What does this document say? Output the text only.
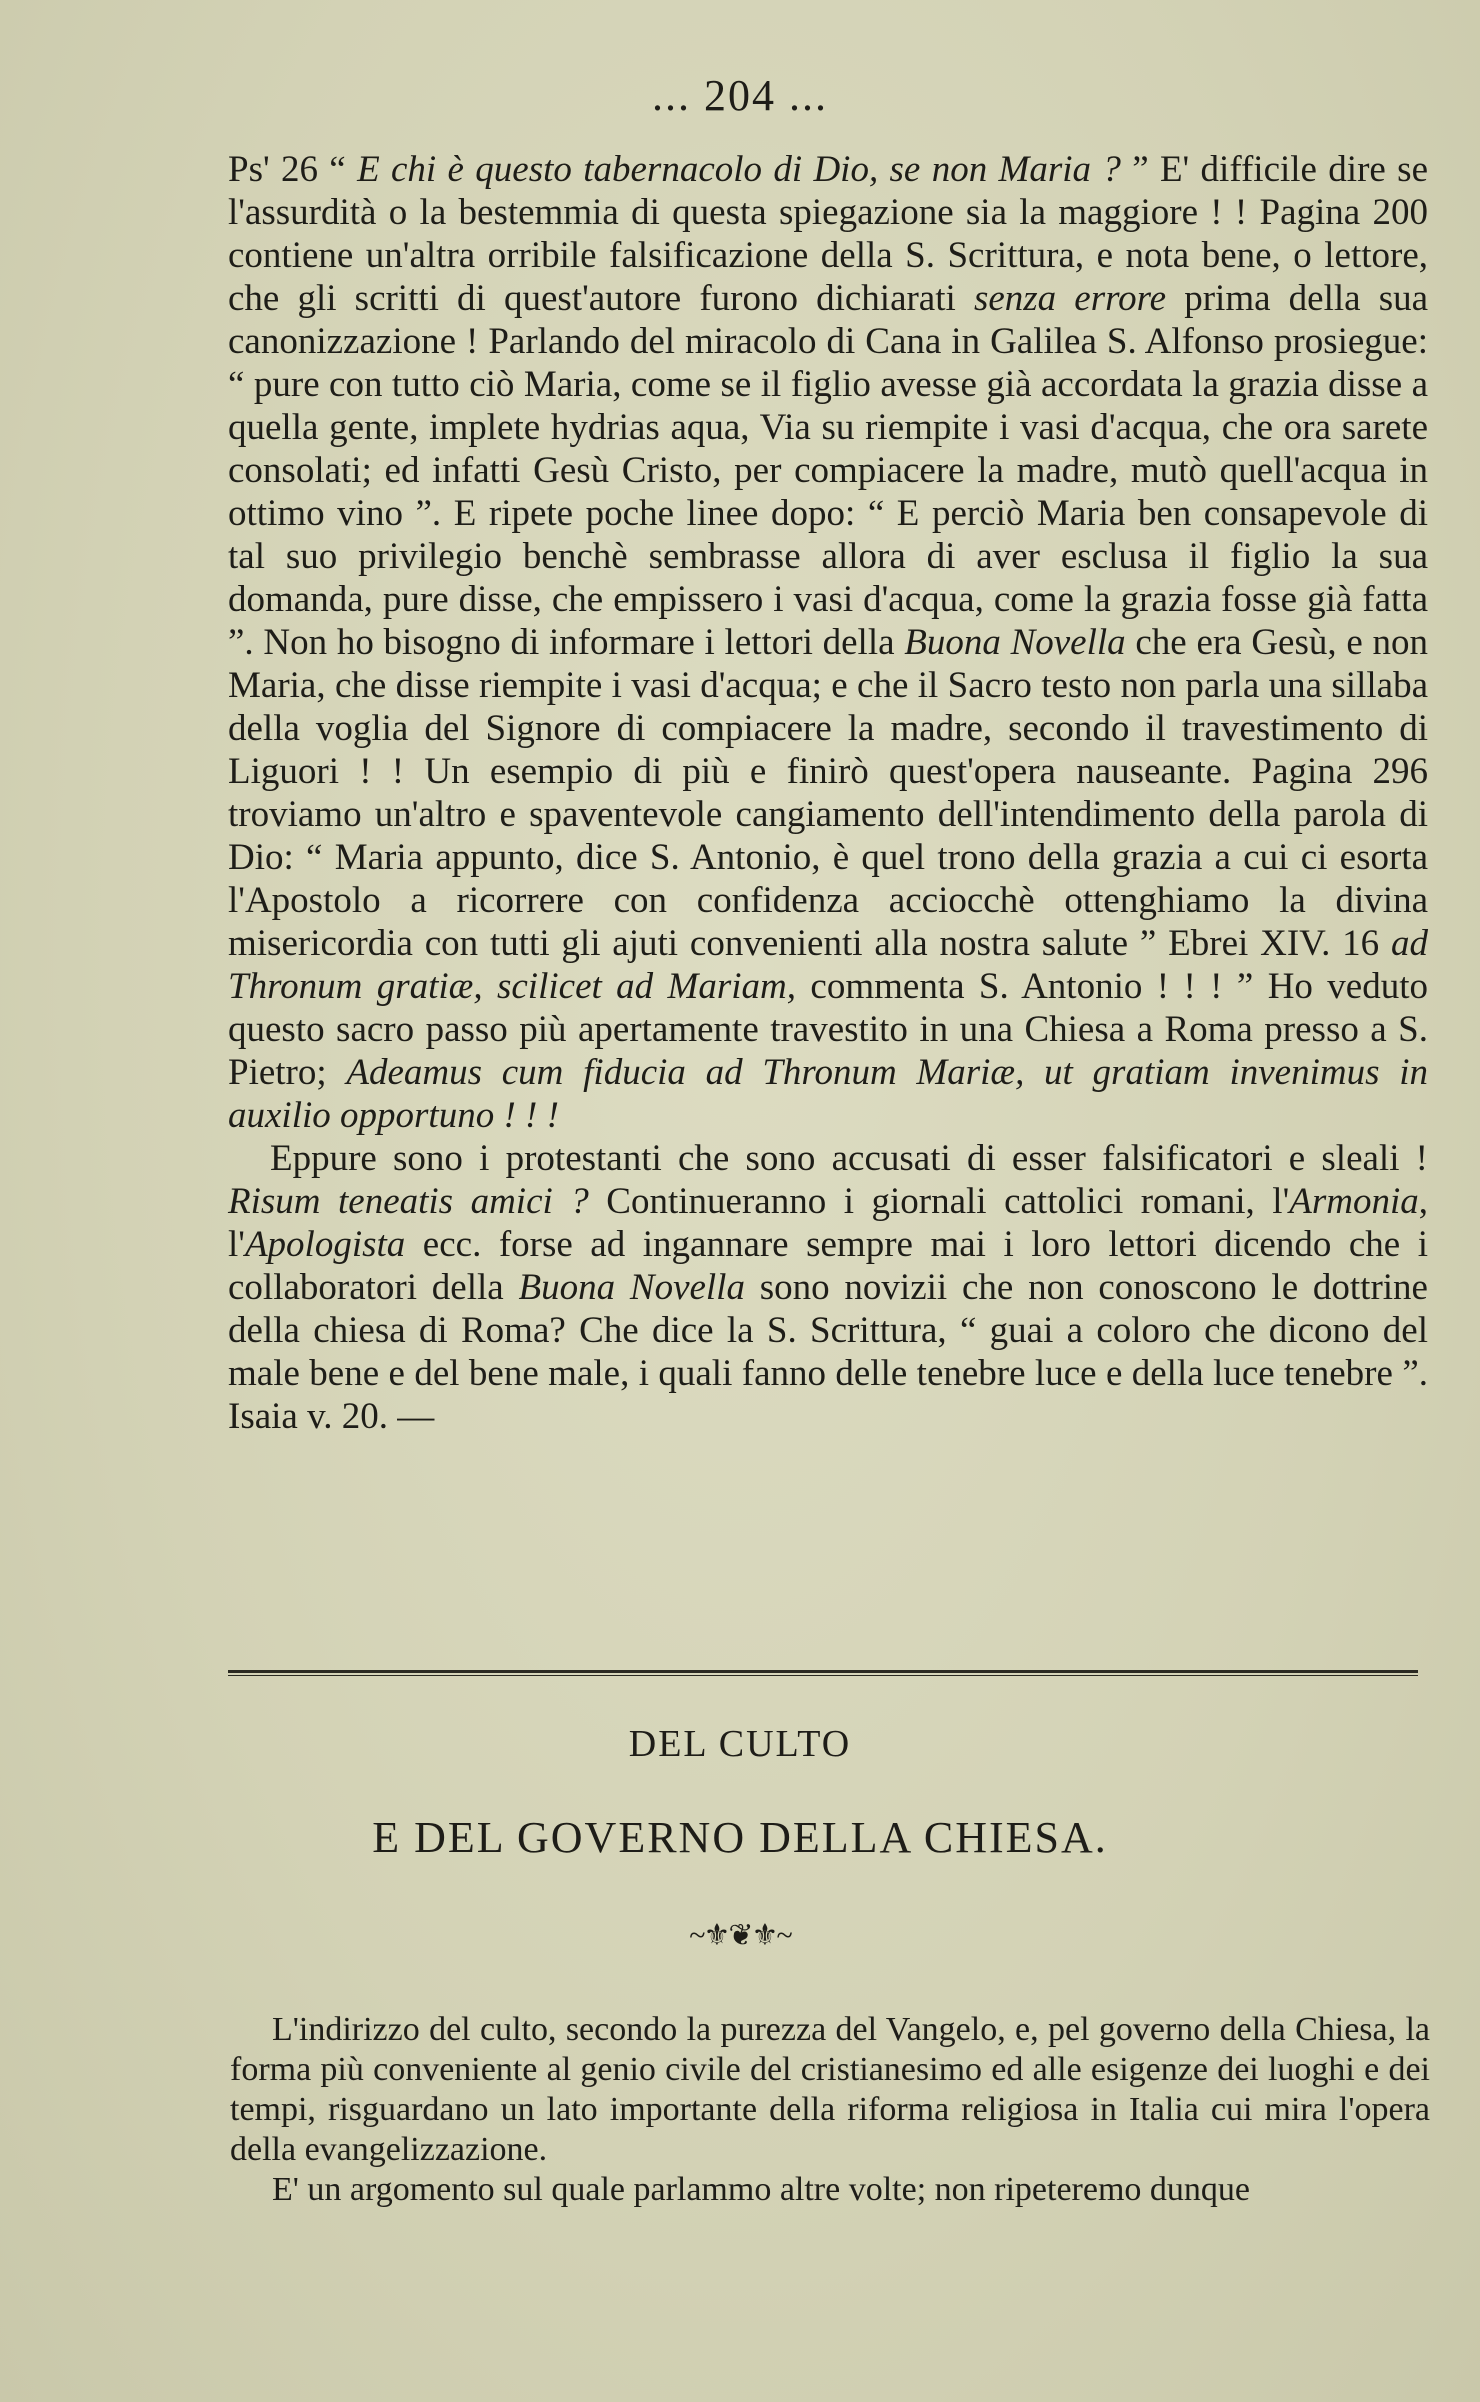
... 204 ...

Ps' 26 “ E chi è questo tabernacolo di Dio, se non Maria ? ” E' difficile dire se l'assurdità o la bestemmia di questa spiegazione sia la maggiore ! ! Pagina 200 contiene un'altra orribile falsificazione della S. Scrittura, e nota bene, o lettore, che gli scritti di quest'autore furono dichiarati senza errore prima della sua canonizzazione ! Parlando del miracolo di Cana in Galilea S. Alfonso prosiegue: “ pure con tutto ciò Maria, come se il figlio avesse già accordata la grazia disse a quella gente, implete hydrias aqua, Via su riempite i vasi d'acqua, che ora sarete consolati; ed infatti Gesù Cristo, per compiacere la madre, mutò quell'acqua in ottimo vino ”. E ripete poche linee dopo: “ E perciò Maria ben consapevole di tal suo privilegio benchè sembrasse allora di aver esclusa il figlio la sua domanda, pure disse, che empissero i vasi d'acqua, come la grazia fosse già fatta ”. Non ho bisogno di informare i lettori della Buona Novella che era Gesù, e non Maria, che disse riempite i vasi d'acqua; e che il Sacro testo non parla una sillaba della voglia del Signore di compiacere la madre, secondo il travestimento di Liguori ! ! Un esempio di più e finirò quest'opera nauseante. Pagina 296 troviamo un'altro e spaventevole cangiamento dell'intendimento della parola di Dio: “ Maria appunto, dice S. Antonio, è quel trono della grazia a cui ci esorta l'Apostolo a ricorrere con confidenza acciocchè ottenghiamo la divina misericordia con tutti gli ajuti convenienti alla nostra salute ” Ebrei XIV. 16 ad Thronum gratiæ, scilicet ad Mariam, commenta S. Antonio ! ! ! ” Ho veduto questo sacro passo più apertamente travestito in una Chiesa a Roma presso a S. Pietro; Adeamus cum fiducia ad Thronum Mariæ, ut gratiam invenimus in auxilio opportuno ! ! !

Eppure sono i protestanti che sono accusati di esser falsificatori e sleali ! Risum teneatis amici ? Continueranno i giornali cattolici romani, l'Armonia, l'Apologista ecc. forse ad ingannare sempre mai i loro lettori dicendo che i collaboratori della Buona Novella sono novizii che non conoscono le dottrine della chiesa di Roma? Che dice la S. Scrittura, “ guai a coloro che dicono del male bene e del bene male, i quali fanno delle tenebre luce e della luce tenebre ”. Isaia v. 20. —

DEL CULTO
E DEL GOVERNO DELLA CHIESA.
~⚜❦⚜~

L'indirizzo del culto, secondo la purezza del Vangelo, e, pel governo della Chiesa, la forma più conveniente al genio civile del cristianesimo ed alle esigenze dei luoghi e dei tempi, risguardano un lato importante della riforma religiosa in Italia cui mira l'opera della evangelizzazione.

E' un argomento sul quale parlammo altre volte; non ripeteremo dunque
